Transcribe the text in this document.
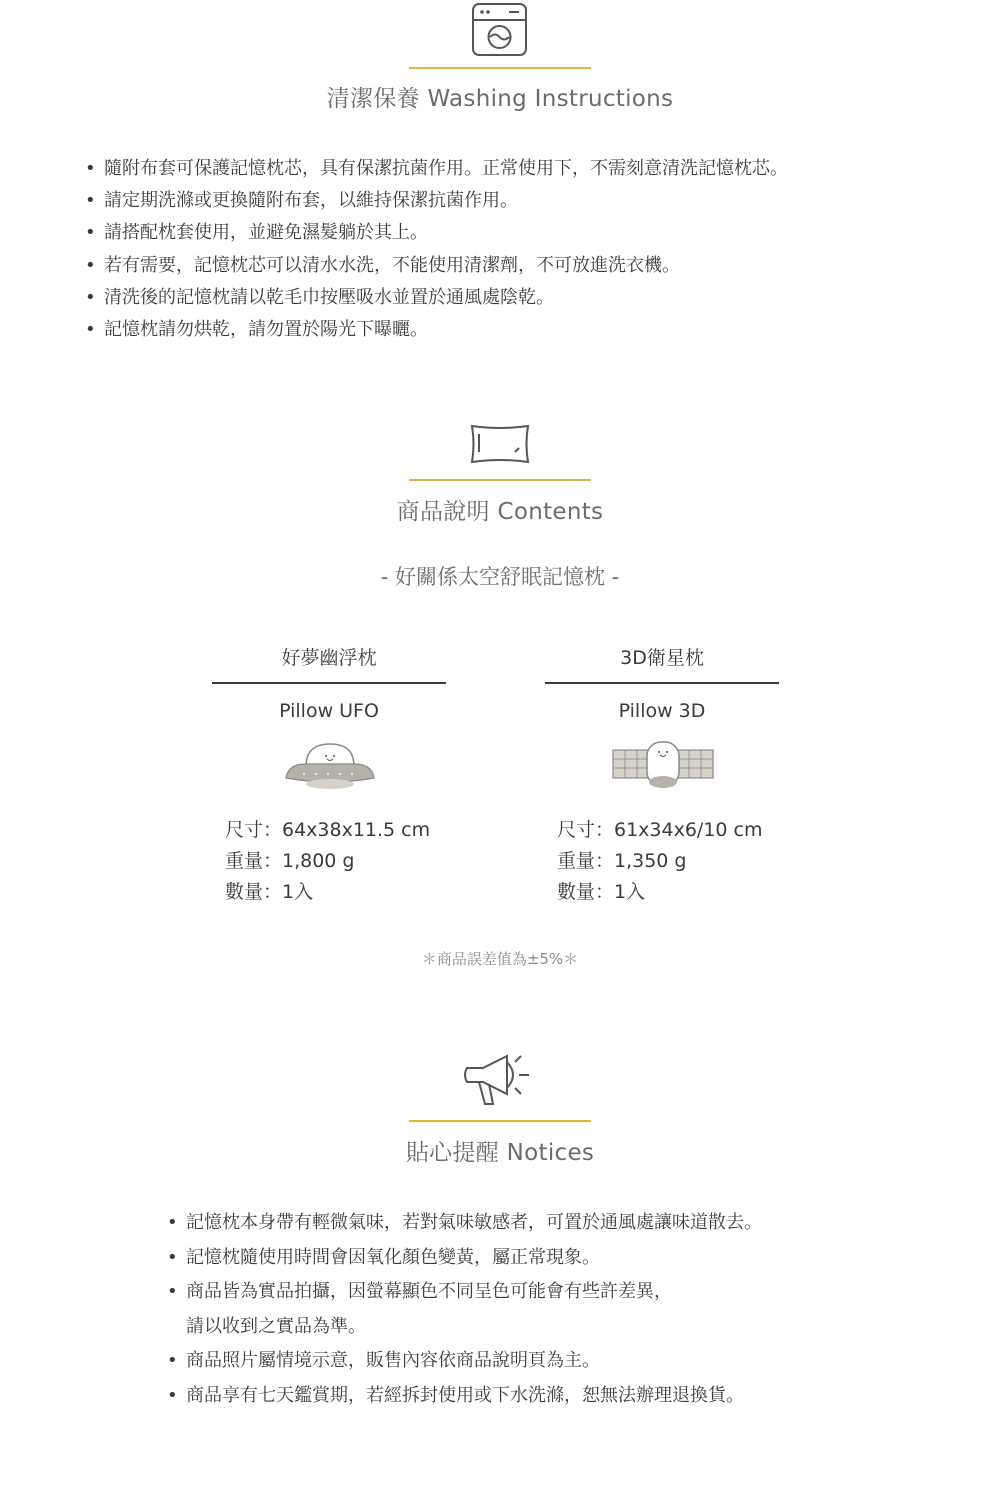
清潔保養 Washing Instructions
• 隨附布套可保護記憶枕芯，具有保潔抗菌作用。正常使用下，不需刻意清洗記憶枕芯。
• 請定期洗滌或更換隨附布套，以維持保潔抗菌作用。
• 請搭配枕套使用，並避免濕髮躺於其上。
• 若有需要，記憶枕芯可以清水水洗，不能使用清潔劑，不可放進洗衣機。
• 清洗後的記憶枕請以乾毛巾按壓吸水並置於通風處陰乾。
• 記憶枕請勿烘乾，請勿置於陽光下曝曬。
商品說明 Contents
- 好關係太空舒眠記憶枕 -
好夢幽浮枕
Pillow UFO
尺寸：64x38x11.5 cm
重量：1,800 g
數量：1入
3D衛星枕
Pillow 3D
尺寸：61x34x6/10 cm
重量：1,350 g
數量：1入
＊商品誤差值為±5%＊
貼心提醒 Notices
• 記憶枕本身帶有輕微氣味，若對氣味敏感者，可置於通風處讓味道散去。
• 記憶枕隨使用時間會因氧化顏色變黃，屬正常現象。
• 商品皆為實品拍攝，因螢幕顯色不同呈色可能會有些許差異，
請以收到之實品為準。
• 商品照片屬情境示意，販售內容依商品說明頁為主。
• 商品享有七天鑑賞期，若經拆封使用或下水洗滌，恕無法辦理退換貨。
